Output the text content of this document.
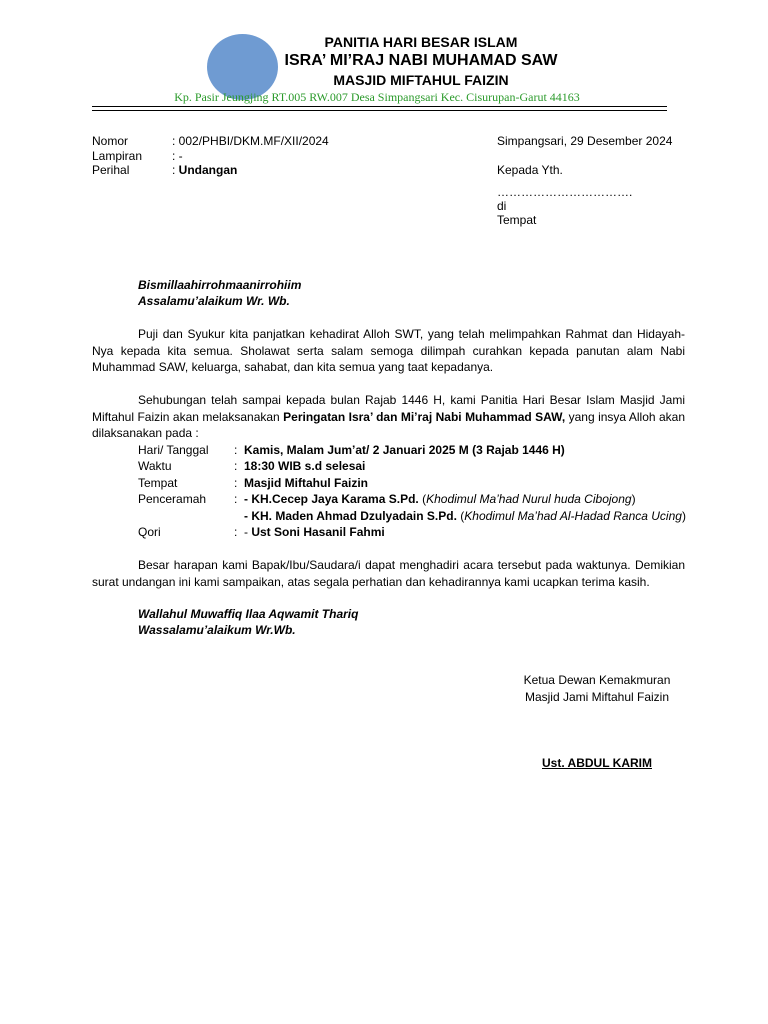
PANITIA HARI BESAR ISLAM
ISRA’ MI’RAJ NABI MUHAMAD SAW
MASJID MIFTAHUL FAIZIN
Kp. Pasir Jeungjing RT.005 RW.007 Desa Simpangsari Kec. Cisurupan-Garut 44163
Nomor	: 002/PHBI/DKM.MF/XII/2024
Lampiran : -
Perihal	: Undangan
Simpangsari, 29 Desember 2024
Kepada Yth.
…………………………….
di
Tempat
Bismillaahirrohmaanirrohiim
Assalamu’alaikum Wr. Wb.
Puji dan Syukur kita panjatkan kehadirat Alloh SWT, yang telah melimpahkan Rahmat dan Hidayah-Nya kepada kita semua. Sholawat serta salam semoga dilimpah curahkan kepada panutan alam Nabi Muhammad SAW, keluarga, sahabat, dan kita semua yang taat kepadanya.
Sehubungan telah sampai kepada bulan Rajab 1446 H, kami Panitia Hari Besar Islam Masjid Jami Miftahul Faizin akan melaksanakan Peringatan Isra’ dan Mi’raj Nabi Muhammad SAW, yang insya Alloh akan dilaksanakan pada :
Hari/ Tanggal : Kamis, Malam Jum’at/ 2 Januari 2025 M (3 Rajab 1446 H)
Waktu	: 18:30 WIB s.d selesai
Tempat	: Masjid Miftahul Faizin
Penceramah : - KH.Cecep Jaya Karama S.Pd. (Khodimul Ma’had Nurul huda Cibojong)
- KH. Maden Ahmad Dzulyadain S.Pd. (Khodimul Ma’had Al-Hadad Ranca Ucing)
Qori	: - Ust Soni Hasanil Fahmi
Besar harapan kami Bapak/Ibu/Saudara/i dapat menghadiri acara tersebut pada waktunya. Demikian surat undangan ini kami sampaikan, atas segala perhatian dan kehadirannya kami ucapkan terima kasih.
Wallahul Muwaffiq Ilaa Aqwamit Thariq
Wassalamu’alaikum Wr.Wb.
Ketua Dewan Kemakmuran
Masjid Jami Miftahul Faizin
Ust. ABDUL KARIM
